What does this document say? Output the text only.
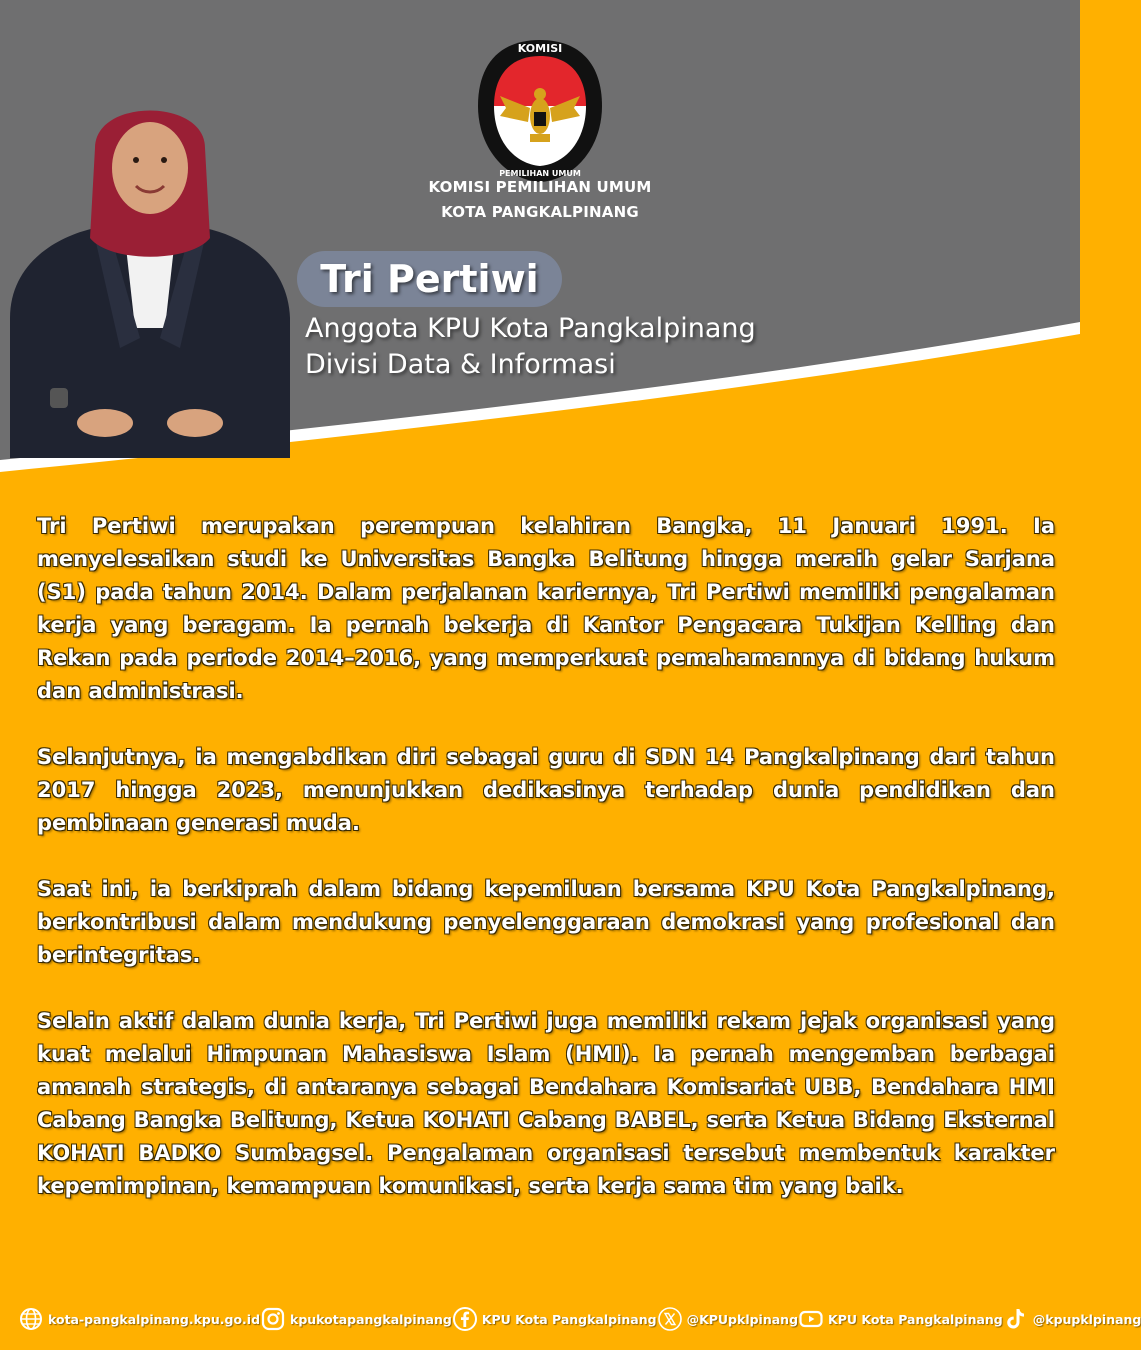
KOMISI
PEMILIHAN UMUM
KOMISI PEMILIHAN UMUM
KOTA PANGKALPINANG
Tri Pertiwi
Anggota KPU Kota Pangkalpinang
Divisi Data & Informasi

Tri Pertiwi merupakan perempuan kelahiran Bangka, 11 Januari 1991. Ia menyelesaikan studi ke Universitas Bangka Belitung hingga meraih gelar Sarjana (S1) pada tahun 2014. Dalam perjalanan kariernya, Tri Pertiwi memiliki pengalaman kerja yang beragam. Ia pernah bekerja di Kantor Pengacara Tukijan Kelling dan Rekan pada periode 2014–2016, yang memperkuat pemahamannya di bidang hukum dan administrasi.

Selanjutnya, ia mengabdikan diri sebagai guru di SDN 14 Pangkalpinang dari tahun 2017 hingga 2023, menunjukkan dedikasinya terhadap dunia pendidikan dan pembinaan generasi muda.

Saat ini, ia berkiprah dalam bidang kepemiluan bersama KPU Kota Pangkalpinang, berkontribusi dalam mendukung penyelenggaraan demokrasi yang profesional dan berintegritas.

Selain aktif dalam dunia kerja, Tri Pertiwi juga memiliki rekam jejak organisasi yang kuat melalui Himpunan Mahasiswa Islam (HMI). Ia pernah mengemban berbagai amanah strategis, di antaranya sebagai Bendahara Komisariat UBB, Bendahara HMI Cabang Bangka Belitung, Ketua KOHATI Cabang BABEL, serta Ketua Bidang Eksternal KOHATI BADKO Sumbagsel. Pengalaman organisasi tersebut membentuk karakter kepemimpinan, kemampuan komunikasi, serta kerja sama tim yang baik.

kota-pangkalpinang.kpu.go.id kpukotapangkalpinang KPU Kota Pangkalpinang @KPUpklpinang KPU Kota Pangkalpinang @kpupklpinang
